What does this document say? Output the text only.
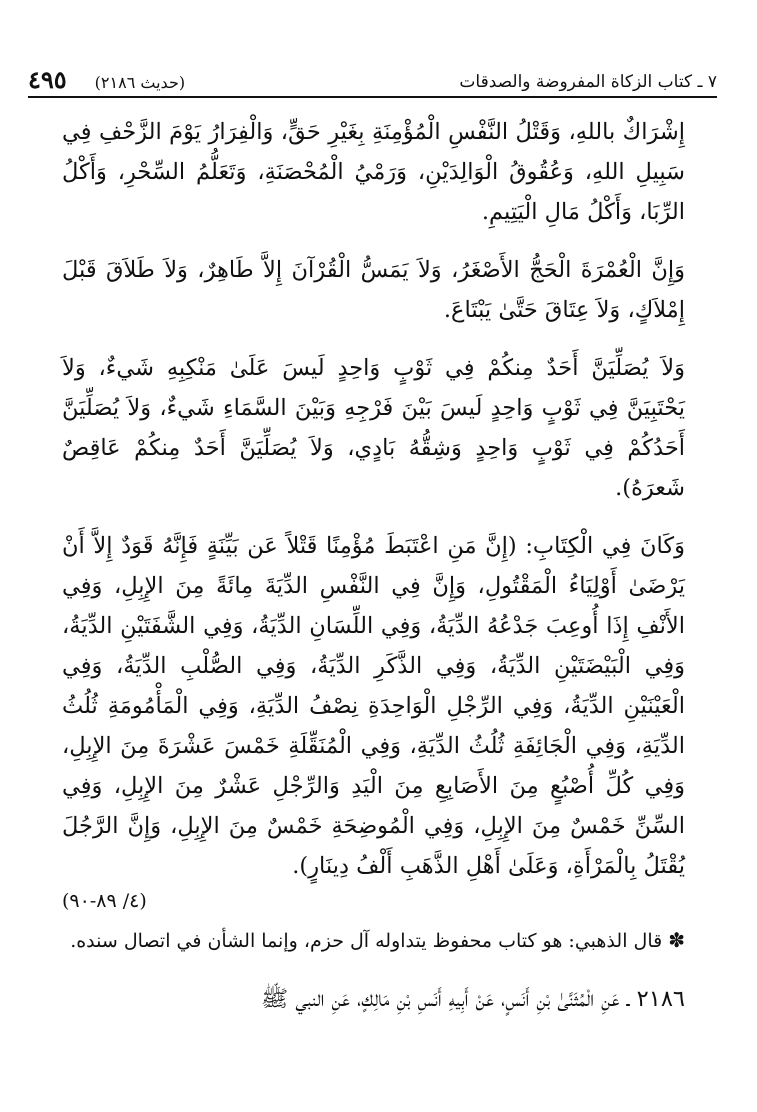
٧ ـ كتاب الزكاة المفروضة والصدقات
٤٩٥ (حديث ٢١٨٦)

إِشْرَاكٌ باللهِ، وَقَتْلُ النَّفْسِ الْمُؤْمِنَةِ بِغَيْرِ حَقٍّ، وَالْفِرَارُ يَوْمَ الزَّحْفِ فِي سَبِيلِ اللهِ، وَعُقُوقُ الْوَالِدَيْنِ، وَرَمْيُ الْمُحْصَنَةِ، وَتَعَلُّمُ السِّحْرِ، وَأَكْلُ الرِّبَا، وَأَكْلُ مَالِ الْيَتِيمِ.

وَإِنَّ الْعُمْرَةَ الْحَجُّ الأَصْغَرُ، وَلاَ يَمَسُّ الْقُرْآنَ إِلاَّ طَاهِرٌ، وَلاَ طَلاَقَ قَبْلَ إِمْلاَكٍ، وَلاَ عِتَاقَ حَتَّىٰ يَبْتَاعَ.

وَلاَ يُصَلِّيَنَّ أَحَدٌ مِنكُمْ فِي ثَوْبٍ وَاحِدٍ لَيسَ عَلَىٰ مَنْكِبِهِ شَيءٌ، وَلاَ يَحْتَبِيَنَّ فِي ثَوْبٍ وَاحِدٍ لَيسَ بَيْنَ فَرْجِهِ وَبَيْنَ السَّمَاءِ شَيءٌ، وَلاَ يُصَلِّيَنَّ أَحَدُكُمْ فِي ثَوْبٍ وَاحِدٍ وَشِقُّهُ بَادٍي، وَلاَ يُصَلِّيَنَّ أَحَدٌ مِنكُمْ عَاقِصٌ شَعرَهُ).

وَكَانَ فِي الْكِتَابِ: (إِنَّ مَنِ اعْتَبَطَ مُؤْمِنًا قَتْلاً عَن بَيِّنَةٍ فَإِنَّهُ قَوَدٌ إِلاَّ أَنْ يَرْضَىٰ أَوْلِيَاءُ الْمَقْتُولِ، وَإِنَّ فِي النَّفْسِ الدِّيَةَ مِائَةً مِنَ الإِبِلِ، وَفِي الأَنْفِ إِذَا أُوعِبَ جَدْعُهُ الدِّيَةُ، وَفِي اللِّسَانِ الدِّيَةُ، وَفِي الشَّفَتَيْنِ الدِّيَةُ، وَفِي الْبَيْضَتَيْنِ الدِّيَةُ، وَفِي الذَّكَرِ الدِّيَةُ، وَفِي الصُّلْبِ الدِّيَةُ، وَفِي الْعَيْنَيْنِ الدِّيَةُ، وَفِي الرِّجْلِ الْوَاحِدَةِ نِصْفُ الدِّيَةِ، وَفِي الْمَأْمُومَةِ ثُلُثُ الدِّيَةِ، وَفِي الْجَائِفَةِ ثُلُثُ الدِّيَةِ، وَفِي الْمُنَقِّلَةِ خَمْسَ عَشْرَةَ مِنَ الإِبِلِ، وَفِي كُلِّ أُصْبُعٍ مِنَ الأَصَابِعِ مِنَ الْيَدِ وَالرِّجْلِ عَشْرٌ مِنَ الإِبِلِ، وَفِي السِّنِّ خَمْسٌ مِنَ الإِبِلِ، وَفِي الْمُوضِحَةِ خَمْسٌ مِنَ الإِبِلِ، وَإِنَّ الرَّجُلَ يُقْتَلُ بِالْمَرْأَةِ، وَعَلَىٰ أَهْلِ الذَّهَبِ أَلْفُ دِينَارٍ).

(٤/ ٨٩-٩٠)

✽ قال الذهبي: هو كتاب محفوظ يتداوله آل حزم، وإنما الشأن في اتصال سنده.

٢١٨٦ ـ عَنِ الْمُثَنَّىٰ بْنِ أَنَسٍ، عَنْ أَبِيهِ أَنَسِ بْنِ مَالِكٍ، عَنِ النبي ﷺ
